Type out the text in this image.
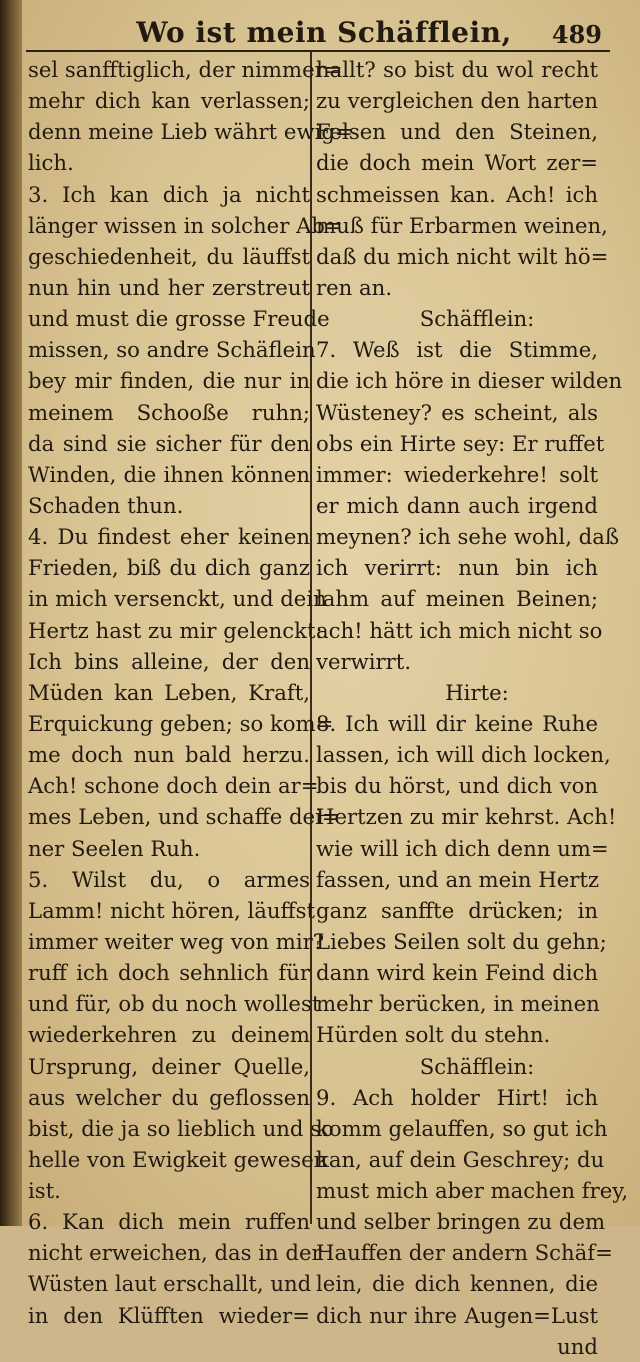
Wo ist mein Schäfflein,	489
sel sanfftiglich, der nimmer=
mehr dich kan verlassen;
denn meine Lieb währt ewig=
lich.
3. Ich kan dich ja nicht
länger wissen in solcher Ab=
geschiedenheit, du läuffst
nun hin und her zerstreut
und must die grosse Freude
missen, so andre Schäflein
bey mir finden, die nur in
meinem Schooße ruhn;
da sind sie sicher für den
Winden, die ihnen können
Schaden thun.
4. Du findest eher keinen
Frieden, biß du dich ganz
in mich versenckt, und dein
Hertz hast zu mir gelenckt:
Ich bins alleine, der den
Müden kan Leben, Kraft,
Erquickung geben; so kom=
me doch nun bald herzu.
Ach! schone doch dein ar=
mes Leben, und schaffe dei=
ner Seelen Ruh.
5. Wilst du, o armes
Lamm! nicht hören, läuffst
immer weiter weg von mir?
ruff ich doch sehnlich für
und für, ob du noch wollest
wiederkehren zu deinem
Ursprung, deiner Quelle,
aus welcher du geflossen
bist, die ja so lieblich und so
helle von Ewigkeit gewesen
ist.
6. Kan dich mein ruffen
nicht erweichen, das in der
Wüsten laut erschallt, und
in den Klüfften wieder=
hallt? so bist du wol recht
zu vergleichen den harten
Felsen und den Steinen,
die doch mein Wort zer=
schmeissen kan. Ach! ich
muß für Erbarmen weinen,
daß du mich nicht wilt hö=
ren an.
Schäfflein:
7. Weß ist die Stimme,
die ich höre in dieser wilden
Wüsteney? es scheint, als
obs ein Hirte sey: Er ruffet
immer: wiederkehre! solt
er mich dann auch irgend
meynen? ich sehe wohl, daß
ich verirrt: nun bin ich
lahm auf meinen Beinen;
ach! hätt ich mich nicht so
verwirrt.
Hirte:
8. Ich will dir keine Ruhe
lassen, ich will dich locken,
bis du hörst, und dich von
Hertzen zu mir kehrst. Ach!
wie will ich dich denn um=
fassen, und an mein Hertz
ganz sanffte drücken; in
Liebes Seilen solt du gehn;
dann wird kein Feind dich
mehr berücken, in meinen
Hürden solt du stehn.
Schäfflein:
9. Ach holder Hirt! ich
komm gelauffen, so gut ich
kan, auf dein Geschrey; du
must mich aber machen frey,
und selber bringen zu dem
Hauffen der andern Schäf=
lein, die dich kennen, die
dich nur ihre Augen=Lust
und
